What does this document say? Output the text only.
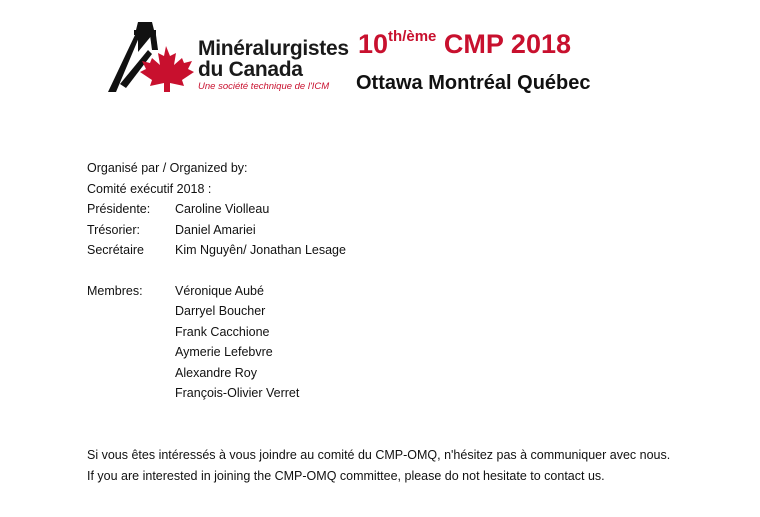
Minéralurgistes
du Canada
Une société technique de l'ICM
$10^{th/ème}$ CMP 2018
Ottawa Montréal Québec
Organisé par / Organized by:
Comité exécutif 2018 :
Présidente:	Caroline Violleau
Trésorier:	Daniel Amariei
Secrétaire	Kim Nguyên/ Jonathan Lesage
Membres:	Véronique Aubé
Darryel Boucher
Frank Cacchione
Aymerie Lefebvre
Alexandre Roy
François-Olivier Verret
Si vous êtes intéressés à vous joindre au comité du CMP-OMQ, n'hésitez pas à communiquer avec nous.
If you are interested in joining the CMP-OMQ committee, please do not hesitate to contact us.
